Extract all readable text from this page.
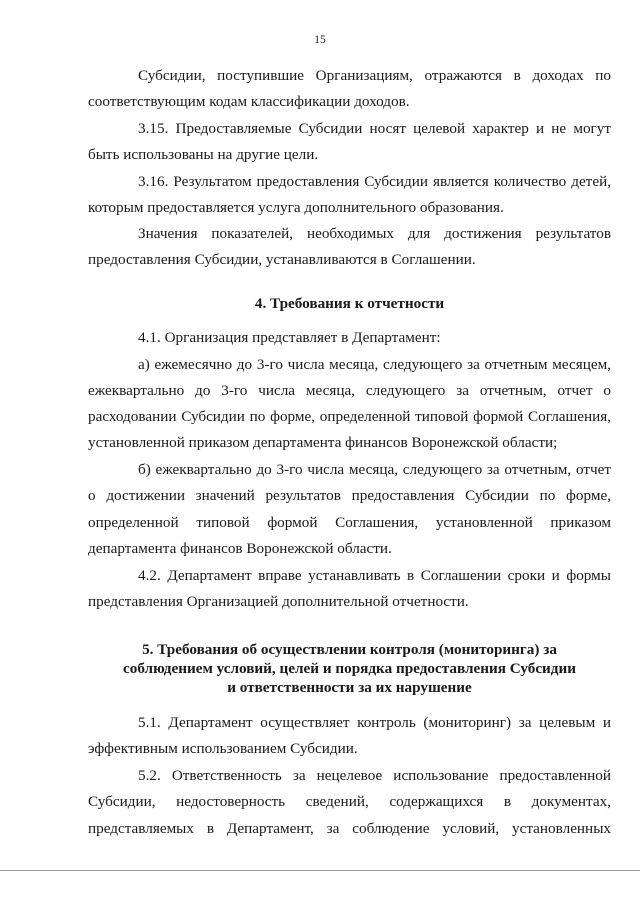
15

Субсидии, поступившие Организациям, отражаются в доходах по

соответствующим кодам классификации доходов.

3.15. Предоставляемые Субсидии носят целевой характер и не могут

быть использованы на другие цели.

3.16. Результатом предоставления Субсидии является количество детей,

которым предоставляется услуга дополнительного образования.

Значения показателей, необходимых для достижения результатов

предоставления Субсидии, устанавливаются в Соглашении.

4. Требования к отчетности

4.1. Организация представляет в Департамент:

а) ежемесячно до 3-го числа месяца, следующего за отчетным месяцем,

ежеквартально до 3-го числа месяца, следующего за отчетным, отчет о

расходовании Субсидии по форме, определенной типовой формой Соглашения,

установленной приказом департамента финансов Воронежской области;

б) ежеквартально до 3-го числа месяца, следующего за отчетным, отчет

о достижении значений результатов предоставления Субсидии по форме,

определенной типовой формой Соглашения, установленной приказом

департамента финансов Воронежской области.

4.2. Департамент вправе устанавливать в Соглашении сроки и формы

представления Организацией дополнительной отчетности.

5. Требования об осуществлении контроля (мониторинга) за

соблюдением условий, целей и порядка предоставления Субсидии

и ответственности за их нарушение

5.1. Департамент осуществляет контроль (мониторинг) за целевым и

эффективным использованием Субсидии.

5.2. Ответственность за нецелевое использование предоставленной

Субсидии, недостоверность сведений, содержащихся в документах,

представляемых в Департамент, за соблюдение условий, установленных
